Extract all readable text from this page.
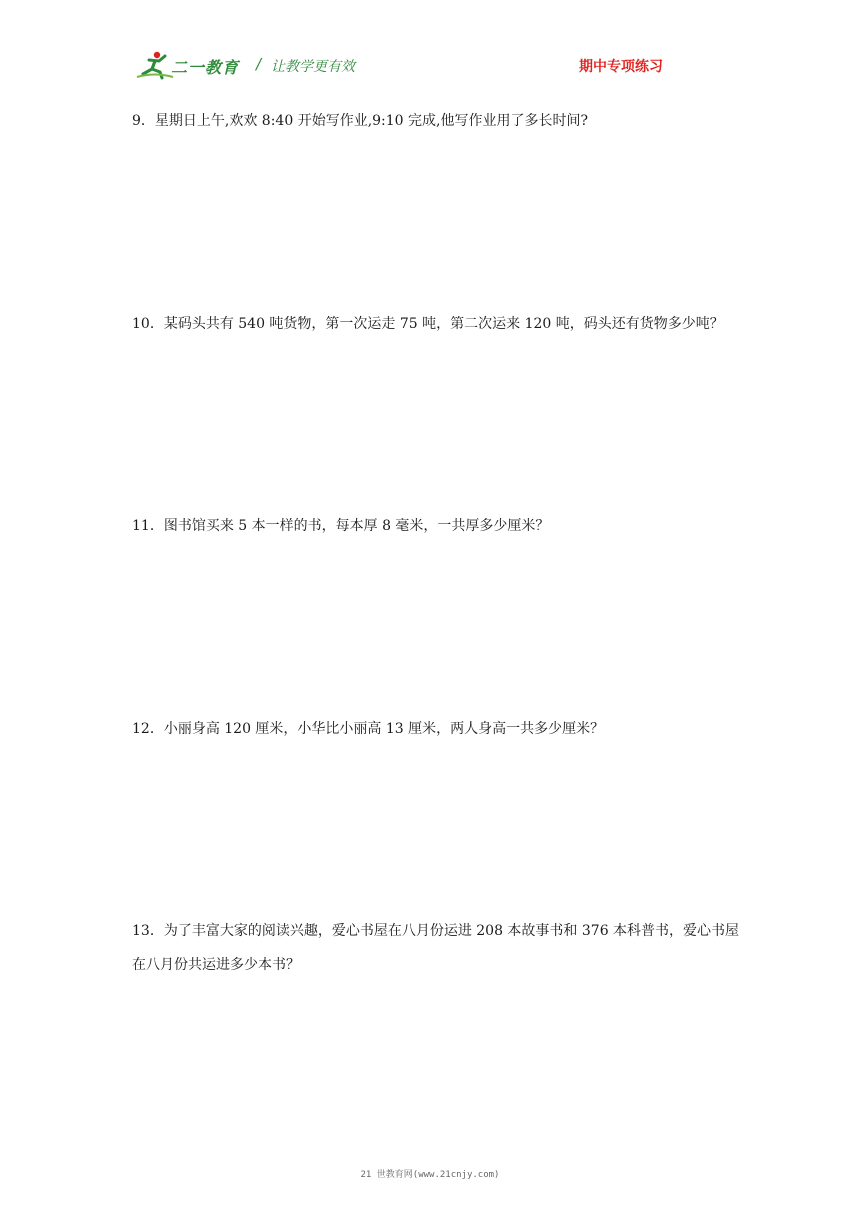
二一教育 / 让教学更有效	期中专项练习

9．星期日上午,欢欢 8:40 开始写作业,9:10 完成,他写作业用了多长时间?

10．某码头共有 540 吨货物，第一次运走 75 吨，第二次运来 120 吨，码头还有货物多少吨？

11．图书馆买来 5 本一样的书，每本厚 8 毫米，一共厚多少厘米？

12．小丽身高 120 厘米，小华比小丽高 13 厘米，两人身高一共多少厘米？

13．为了丰富大家的阅读兴趣，爱心书屋在八月份运进 208 本故事书和 376 本科普书，爱心书屋在八月份共运进多少本书？

21 世教育网(www.21cnjy.com)
